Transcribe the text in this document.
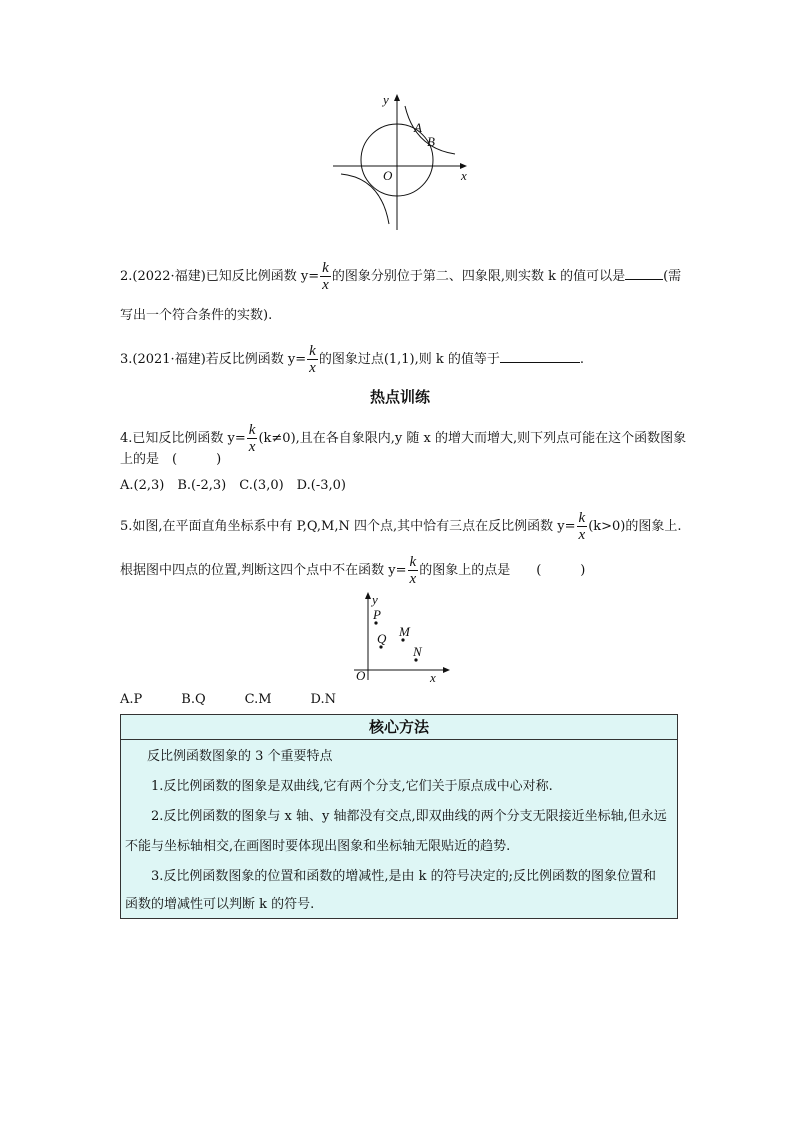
y
x
O
A
B
2.(2022·福建)已知反比例函数 $y= \frac{k}{x}$ 的图象分别位于第二、四象限,则实数 k 的值可以是	(需
写出一个符合条件的实数).
3.(2021·福建)若反比例函数 $y= \frac{k}{x}$ 的图象过点(1,1),则 k 的值等于	.
热点训练
4.已知反比例函数 $y= \frac{k}{x} (k\ne 0)$,且在各自象限内,y 随 x 的增大而增大,则下列点可能在这个函数图象
上的是　(　　　)
A.(2,3)　B.(-2,3)　C.(3,0)　D.(-3,0)
5.如图,在平面直角坐标系中有 P,Q,M,N 四个点,其中恰有三点在反比例函数 $y= \frac{k}{x} (k>0)$的图象上.
根据图中四点的位置,判断这四个点中不在函数 $y= \frac{k}{x}$ 的图象上的点是　　(　　　)
y
x
O
P
Q M
N
A.P　　　B.Q　　　C.M　　　D.N
核心方法
反比例函数图象的 3 个重要特点
1.反比例函数的图象是双曲线,它有两个分支,它们关于原点成中心对称.
2.反比例函数的图象与 x 轴、y 轴都没有交点,即双曲线的两个分支无限接近坐标轴,但永远
不能与坐标轴相交,在画图时要体现出图象和坐标轴无限贴近的趋势.
3.反比例函数图象的位置和函数的增减性,是由 k 的符号决定的;反比例函数的图象位置和
函数的增减性可以判断 k 的符号.
